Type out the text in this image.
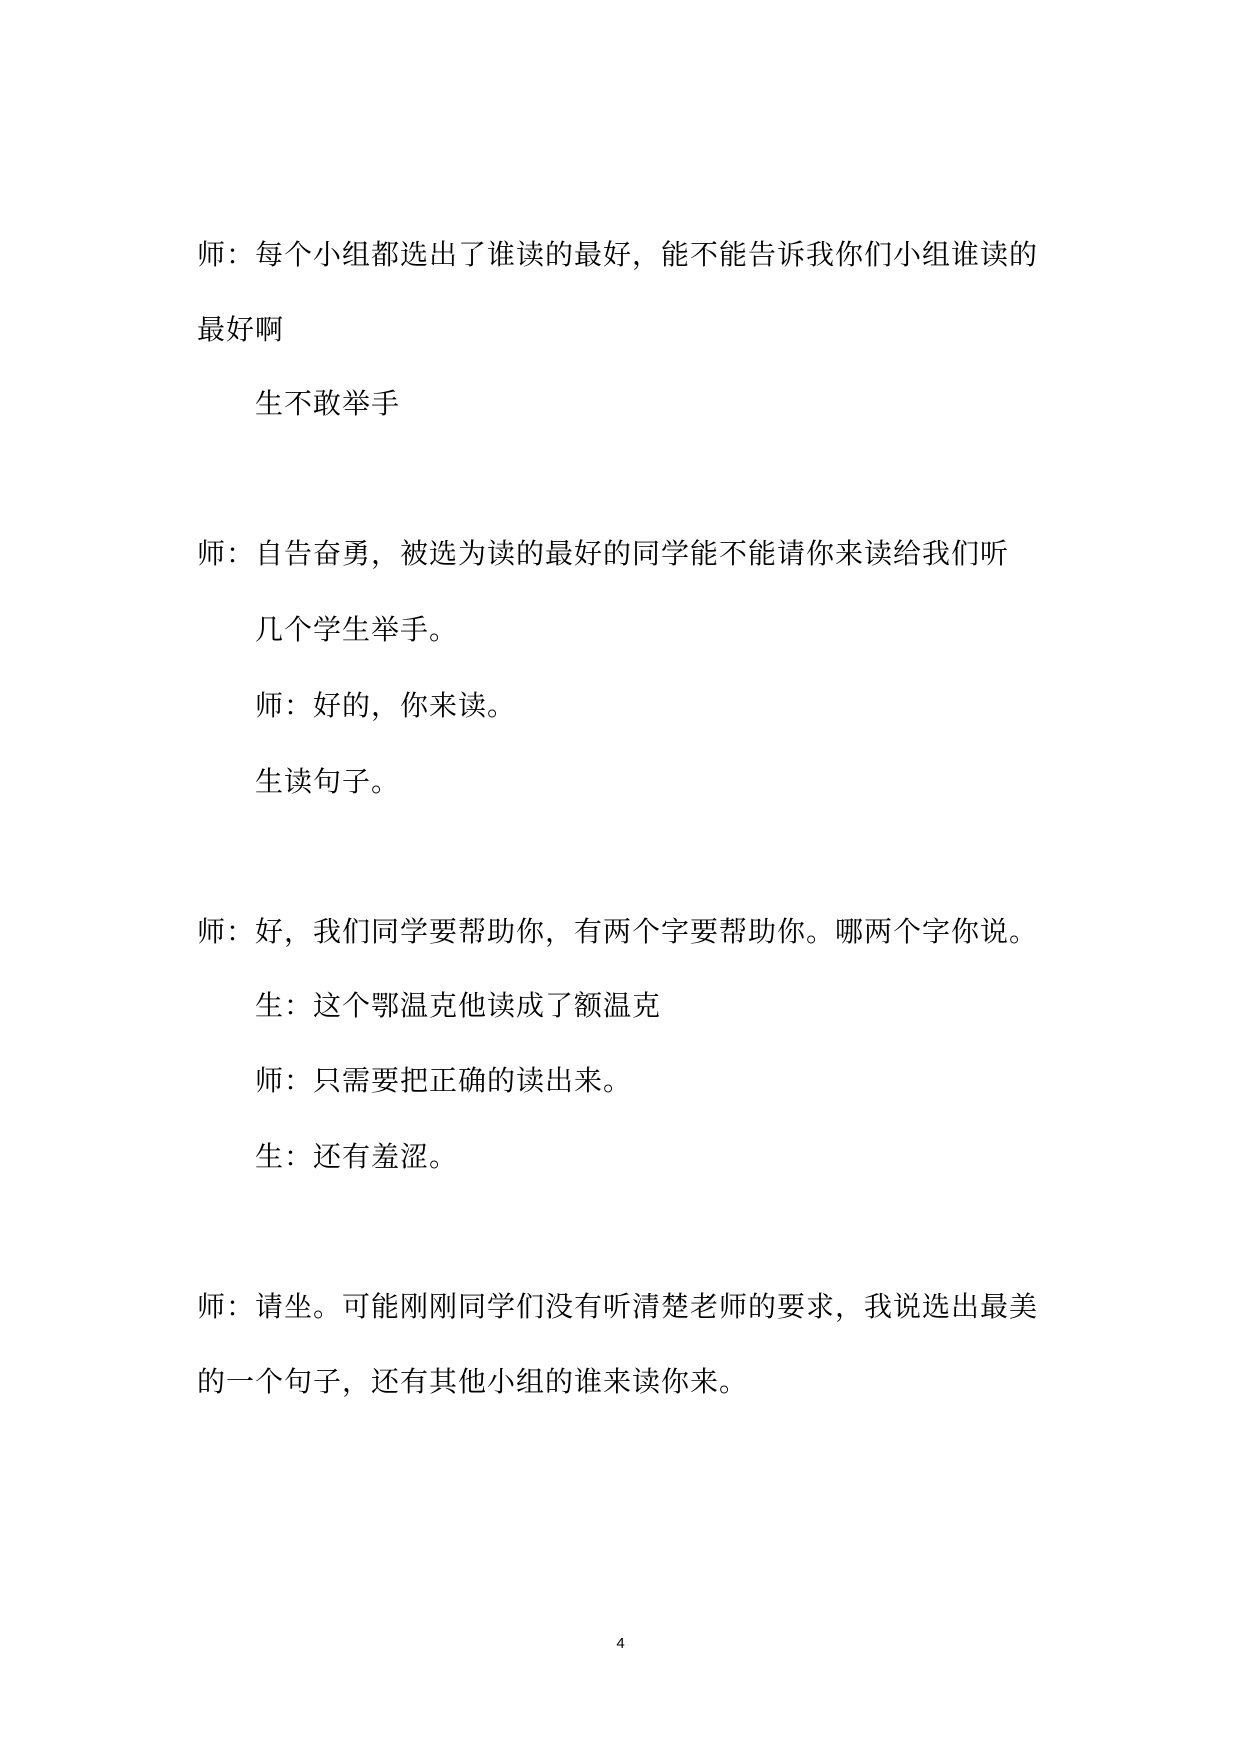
师：每个小组都选出了谁读的最好，能不能告诉我你们小组谁读的
最好啊
生不敢举手
师：自告奋勇，被选为读的最好的同学能不能请你来读给我们听
几个学生举手。
师：好的，你来读。
生读句子。
师：好，我们同学要帮助你，有两个字要帮助你。哪两个字你说。
生：这个鄂温克他读成了额温克
师：只需要把正确的读出来。
生：还有羞涩。
师：请坐。可能刚刚同学们没有听清楚老师的要求，我说选出最美
的一个句子，还有其他小组的谁来读你来。
4
